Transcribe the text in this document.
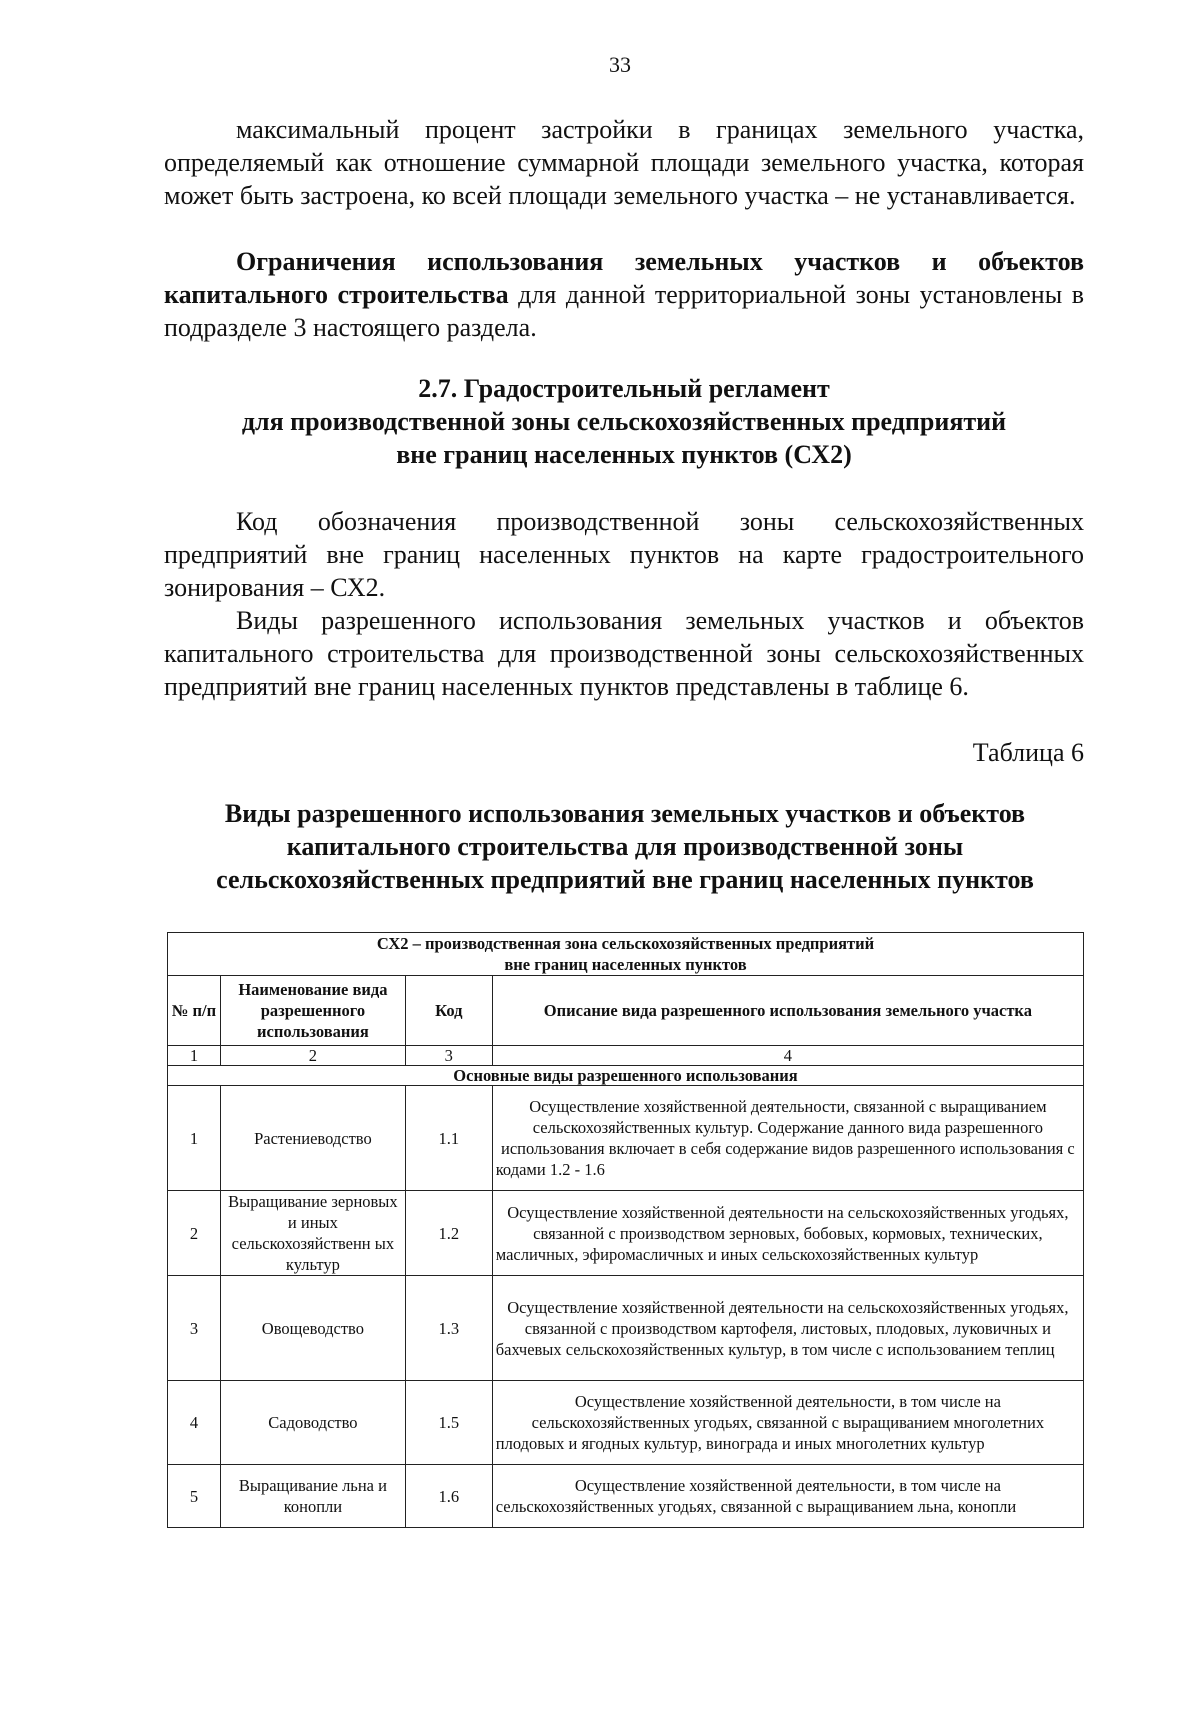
33

максимальный процент застройки в границах земельного участка, определяемый как отношение суммарной площади земельного участка, которая может быть застроена, ко всей площади земельного участка – не устанавливается.

Ограничения использования земельных участков и объектов капитального строительства для данной территориальной зоны установлены в подразделе 3 настоящего раздела.

2.7. Градостроительный регламент
для производственной зоны сельскохозяйственных предприятий
вне границ населенных пунктов (СХ2)

Код обозначения производственной зоны сельскохозяйственных предприятий вне границ населенных пунктов на карте градостроительного зонирования – СХ2.

Виды разрешенного использования земельных участков и объектов капитального строительства для производственной зоны сельскохозяйственных предприятий вне границ населенных пунктов представлены в таблице 6.

Таблица 6
Виды разрешенного использования земельных участков и объектов
капитального строительства для производственной зоны
сельскохозяйственных предприятий вне границ населенных пунктов
СХ2 – производственная зона сельскохозяйственных предприятий
вне границ населенных пунктов			

№ п/п	Наименование вида разрешенного использования	Код	Описание вида разрешенного использования земельного участка
1	2	3	4
Основные виды разрешенного использования			
1	Растениеводство	1.1	Осуществление хозяйственной деятельности, связанной с выращиванием сельскохозяйственных культур. Содержание данного вида разрешенного использования включает в себя содержание видов разрешенного использования с кодами 1.2 - 1.6
2	Выращивание зерновых и иных сельскохозяйственн ых культур	1.2	Осуществление хозяйственной деятельности на сельскохозяйственных угодьях, связанной с производством зерновых, бобовых, кормовых, технических, масличных, эфиромасличных и иных сельскохозяйственных культур
3	Овощеводство	1.3	Осуществление хозяйственной деятельности на сельскохозяйственных угодьях, связанной с производством картофеля, листовых, плодовых, луковичных и бахчевых сельскохозяйственных культур, в том числе с использованием теплиц
4	Садоводство	1.5	Осуществление хозяйственной деятельности, в том числе на сельскохозяйственных угодьях, связанной с выращиванием многолетних плодовых и ягодных культур, винограда и иных многолетних культур
5	Выращивание льна и конопли	1.6	Осуществление хозяйственной деятельности, в том числе на сельскохозяйственных угодьях, связанной с выращиванием льна, конопли
